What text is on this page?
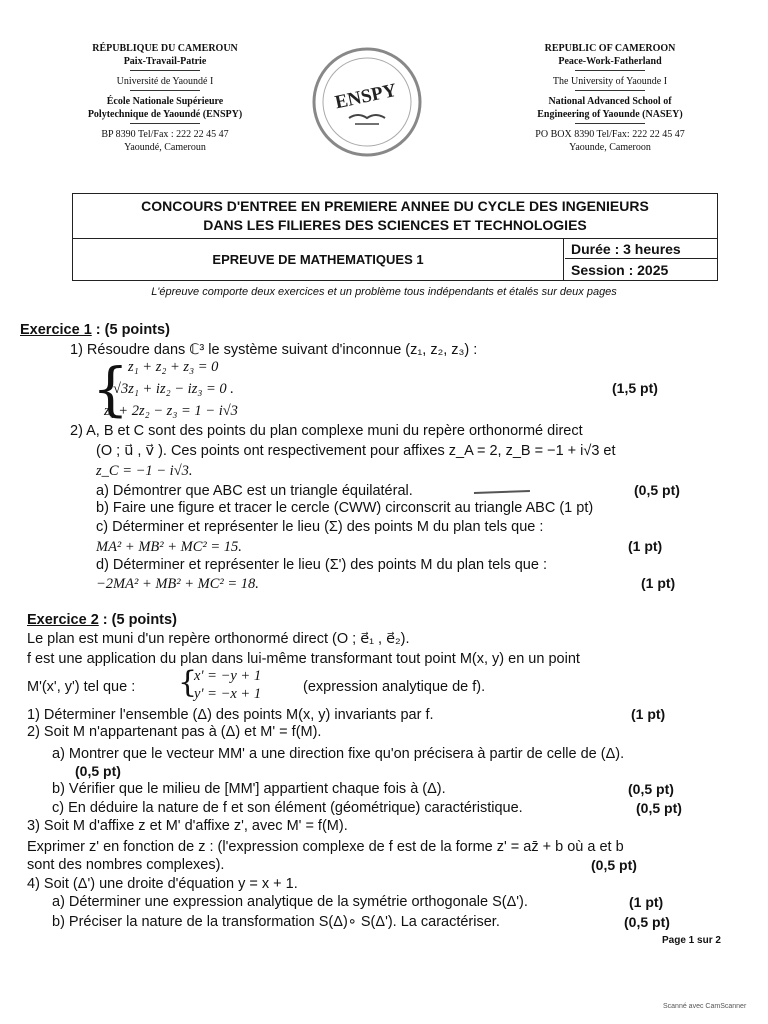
RÉPUBLIQUE DU CAMEROUN
Paix-Travail-Patrie
Université de Yaoundé I
École Nationale Supérieure
Polytechnique de Yaoundé (ENSPY)
BP 8390 Tel/Fax : 222 22 45 47
Yaoundé, Cameroun
ENSPY
REPUBLIC OF CAMEROON
Peace-Work-Fatherland
The University of Yaounde I
National Advanced School of
Engineering of Yaounde (NASEY)
PO BOX 8390 Tel/Fax: 222 22 45 47
Yaounde, Cameroon
CONCOURS D'ENTREE EN PREMIERE ANNEE DU CYCLE DES INGENIEURS
DANS LES FILIERES DES SCIENCES ET TECHNOLOGIES
EPREUVE DE MATHEMATIQUES 1
Durée : 3 heures
Session : 2025
L'épreuve comporte deux exercices et un problème tous indépendants et étalés sur deux pages
Exercice 1 : (5 points)
1) Résoudre dans ℂ³ le système suivant d'inconnue (z₁, z₂, z₃) :
{ z₁ + z₂ + z₃ = 0
√3z₁ + iz₂ − iz₃ = 0 .
z₁ + 2z₂ − z₃ = 1 − i√3
(1,5 pt)
2) A, B et C sont des points du plan complexe muni du repère orthonormé direct
(O ; u⃗ , v⃗ ). Ces points ont respectivement pour affixes z_A = 2, z_B = −1 + i√3 et
z_C = −1 − i√3.
a) Démontrer que ABC est un triangle équilatéral.	(0,5 pt)
b) Faire une figure et tracer le cercle (CWW) circonscrit au triangle ABC (1 pt)
c) Déterminer et représenter le lieu (Σ) des points M du plan tels que :
MA² + MB² + MC² = 15.	(1 pt)
d) Déterminer et représenter le lieu (Σ') des points M du plan tels que :
−2MA² + MB² + MC² = 18.	(1 pt)
Exercice 2 : (5 points)
Le plan est muni d'un repère orthonormé direct (O ; e⃗₁ , e⃗₂).
f est une application du plan dans lui-même transformant tout point M(x, y) en un point
M'(x', y') tel que : {
x' = −y + 1
y' = −x + 1	(expression analytique de f).
1) Déterminer l'ensemble (Δ) des points M(x, y) invariants par f.	(1 pt)
2) Soit M n'appartenant pas à (Δ) et M' = f(M).
a) Montrer que le vecteur MM' a une direction fixe qu'on précisera à partir de celle de (Δ).
(0,5 pt)
b) Vérifier que le milieu de [MM'] appartient chaque fois à (Δ).	(0,5 pt)
c) En déduire la nature de f et son élément (géométrique) caractéristique.	(0,5 pt)
3) Soit M d'affixe z et M' d'affixe z', avec M' = f(M).
Exprimer z' en fonction de z : (l'expression complexe de f est de la forme z' = az̄ + b où a et b
sont des nombres complexes).	(0,5 pt)
4) Soit (Δ') une droite d'équation y = x + 1.
a) Déterminer une expression analytique de la symétrie orthogonale S(Δ').	(1 pt)
b) Préciser la nature de la transformation S(Δ)∘ S(Δ'). La caractériser.	(0,5 pt)
Page 1 sur 2
Scanné avec CamScanner
